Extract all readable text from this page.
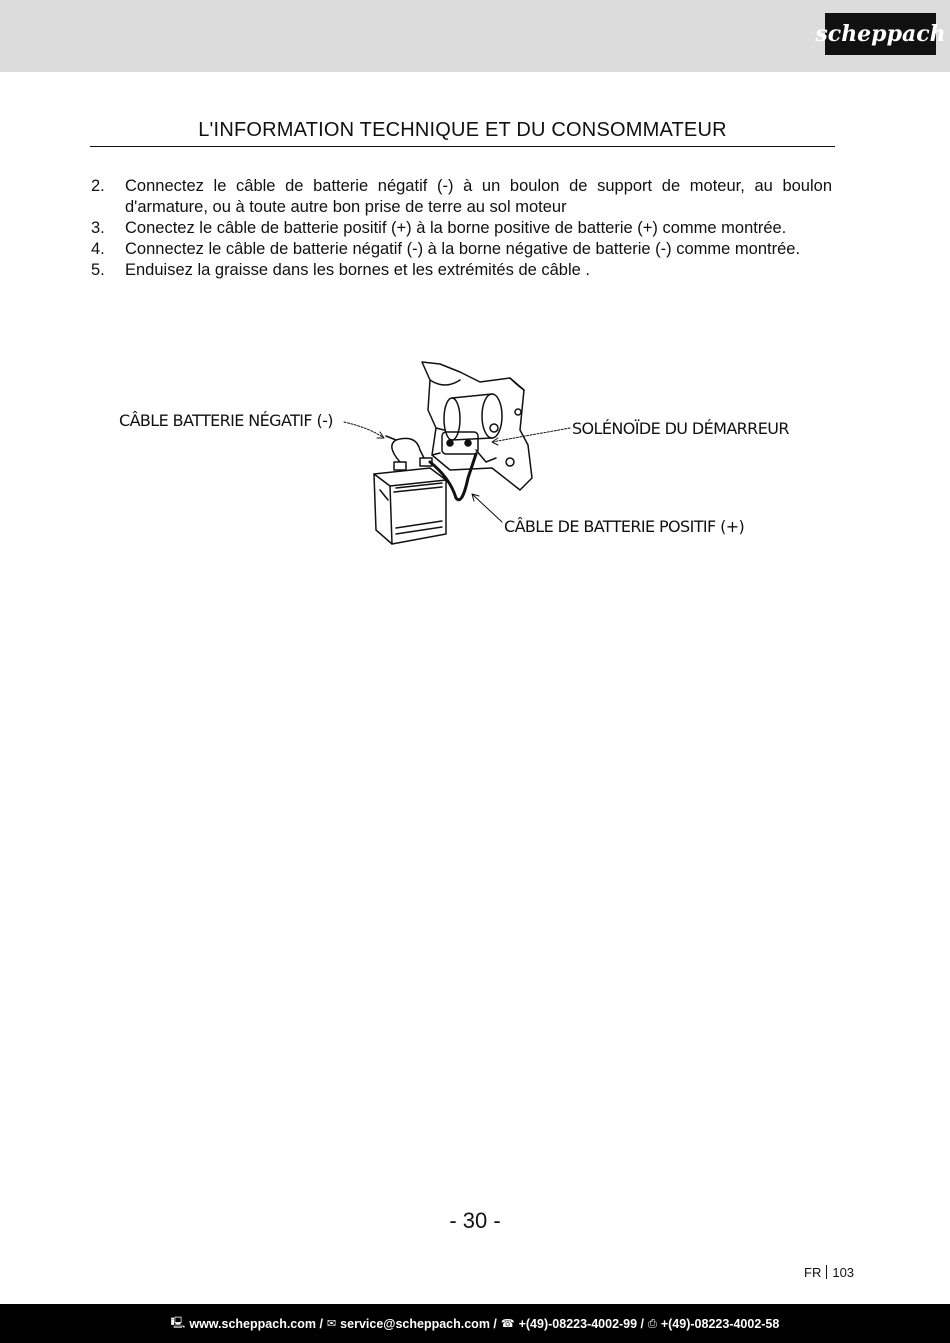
scheppach
L'INFORMATION TECHNIQUE ET DU CONSOMMATEUR
2. Connectez le câble de batterie négatif (-) à un boulon de support de moteur, au boulon d'armature, ou à toute autre bon prise de terre au sol moteur
3. Conectez le câble de batterie positif (+) à la borne positive de batterie (+) comme montrée.
4. Connectez le câble de batterie négatif (-) à la borne négative de batterie (-) comme montrée.
5. Enduisez la graisse dans les bornes et les extrémités de câble .
CÂBLE BATTERIE NÉGATIF (-)	SOLÉNOÏDE DU DÉMARREUR
CÂBLE DE BATTERIE POSITIF (+)
- 30 -
FR 103
🖳 www.scheppach.com / ✉ service@scheppach.com / ☎ +(49)-08223-4002-99 / ⎙ +(49)-08223-4002-58
